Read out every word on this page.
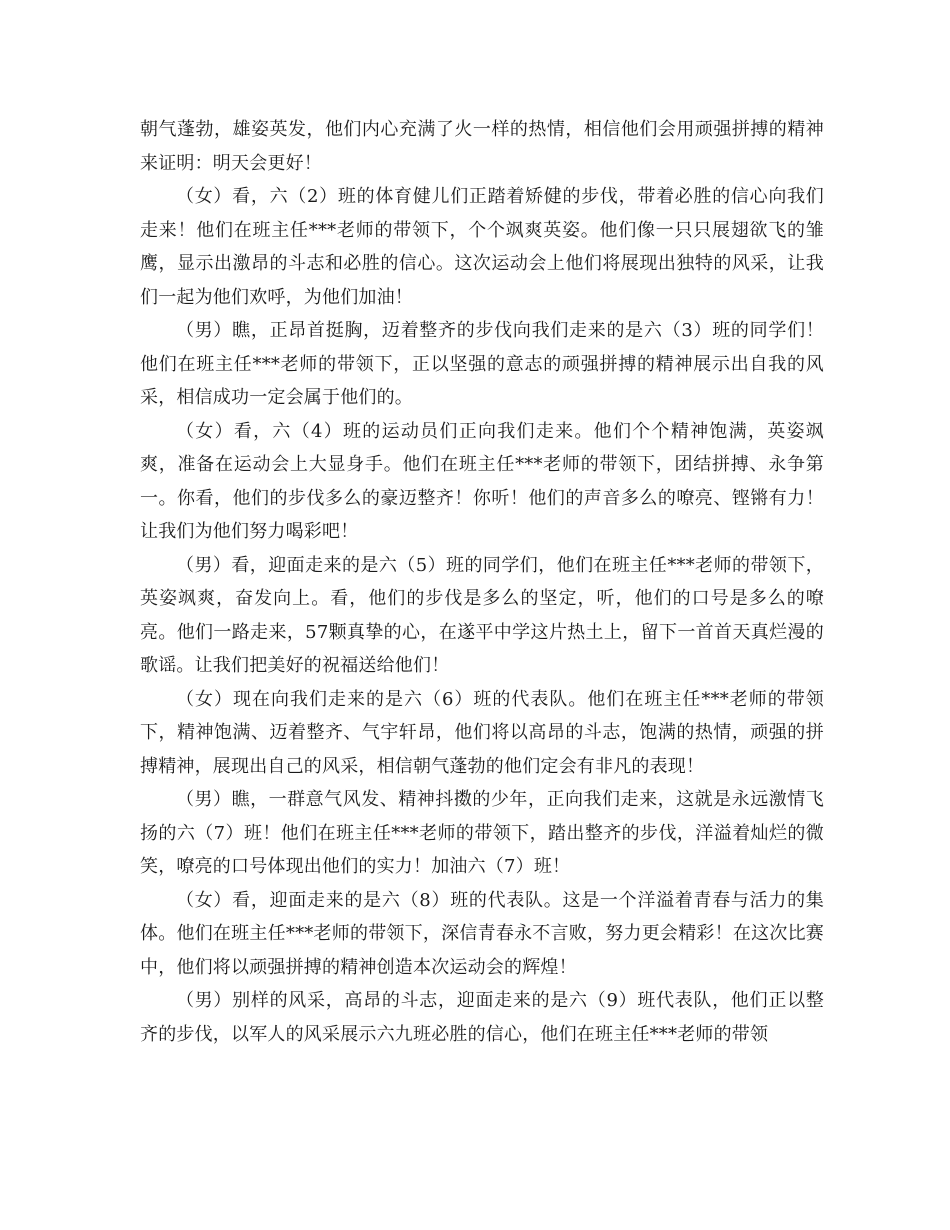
朝气蓬勃，雄姿英发，他们内心充满了火一样的热情，相信他们会用顽强拼搏的精神来证明：明天会更好！

（女）看，六（2）班的体育健儿们正踏着矫健的步伐，带着必胜的信心向我们走来！他们在班主任***老师的带领下，个个飒爽英姿。他们像一只只展翅欲飞的雏鹰，显示出激昂的斗志和必胜的信心。这次运动会上他们将展现出独特的风采，让我们一起为他们欢呼，为他们加油！

（男）瞧，正昂首挺胸，迈着整齐的步伐向我们走来的是六（3）班的同学们！他们在班主任***老师的带领下，正以坚强的意志的顽强拼搏的精神展示出自我的风采，相信成功一定会属于他们的。

（女）看，六（4）班的运动员们正向我们走来。他们个个精神饱满，英姿飒爽，准备在运动会上大显身手。他们在班主任***老师的带领下，团结拼搏、永争第一。你看，他们的步伐多么的豪迈整齐！你听！他们的声音多么的嘹亮、铿锵有力！让我们为他们努力喝彩吧！

（男）看，迎面走来的是六（5）班的同学们，他们在班主任***老师的带领下，英姿飒爽，奋发向上。看，他们的步伐是多么的坚定，听，他们的口号是多么的嘹亮。他们一路走来，57颗真挚的心，在遂平中学这片热土上，留下一首首天真烂漫的歌谣。让我们把美好的祝福送给他们！

（女）现在向我们走来的是六（6）班的代表队。他们在班主任***老师的带领下，精神饱满、迈着整齐、气宇轩昂，他们将以高昂的斗志，饱满的热情，顽强的拼搏精神，展现出自己的风采，相信朝气蓬勃的他们定会有非凡的表现！

（男）瞧，一群意气风发、精神抖擞的少年，正向我们走来，这就是永远激情飞扬的六（7）班！他们在班主任***老师的带领下，踏出整齐的步伐，洋溢着灿烂的微笑，嘹亮的口号体现出他们的实力！加油六（7）班！

（女）看，迎面走来的是六（8）班的代表队。这是一个洋溢着青春与活力的集体。他们在班主任***老师的带领下，深信青春永不言败，努力更会精彩！在这次比赛中，他们将以顽强拼搏的精神创造本次运动会的辉煌！

（男）别样的风采，高昂的斗志，迎面走来的是六（9）班代表队，他们正以整齐的步伐，以军人的风采展示六九班必胜的信心，他们在班主任***老师的带领
